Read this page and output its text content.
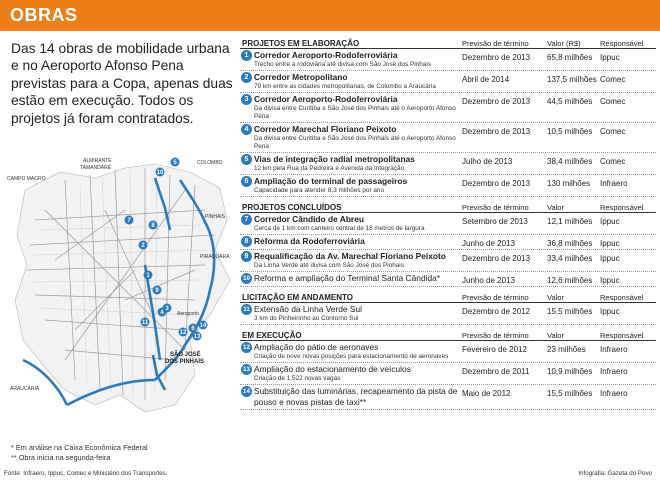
OBRAS

Das 14 obras de mobilidade urbana e no Aeroporto Afonso Pena previstas para a Copa, apenas duas estão em execução. Todos os projetos já foram contratados.

ALMIRANTE
TAMANDARÉ
COLOMBO
CAMPO MAGRO
PINHAIS
PIRAQUARA
ARAUCÁRIA
SÃO JOSÉ
DOS PINHAIS
Aeroporto
5
10
7
2
8
1
9
4
3
11
6
12
13
14
* Em análise na Caixa Econômica Federal
** Obra inicia na segunda-feira
Fonte: Infraero, Ippuc, Comec e Ministério dos Transportes.	Infografia: Gazeta do Povo
PROJETOS EM ELABORAÇÃO	Previsão de término	Valor (R$)	Responsável
1 Corredor Aeroporto-Rodoferroviária
Trecho entre a rodoviária até divisa com São José dos Pinhais
Dezembro de 2013	65,8 milhões Ippuc
2 Corredor Metropolitano
79 km entre as cidades metropolitanas, de Colombo a Araucária
Abril de 2014	137,5 milhões Comec
3 Corredor Aeroporto-Rodoferroviária
Da divisa entre Curitiba e São José dos Pinhais até o Aeroporto Afonso Pena
Dezembro de 2013	44,5 milhões Comec
4 Corredor Marechal Floriano Peixoto
Da divisa entre Curitiba e São José dos Pinhais até o Aeroporto Afonso Pena
Dezembro de 2013	10,5 milhões Comec
5 Vias de integração radial metropolitanas
12 km pela Rua da Pedreira e Avenida da Integração
Julho de 2013	38,4 milhões Comec
6 Ampliação do terminal de passageiros
Capacidade para atender 8,3 milhões por ano
Dezembro de 2013	130 milhões	Infraero
PROJETOS CONCLUÍDOS	Previsão de término	Valor	Responsável
7 Corredor Cândido de Abreu
Cerca de 1 km com canteiro central de 18 metros de largura
Setembro de 2013	12,1 milhões Ippuc
8 Reforma da Rodoferroviária	Junho de 2013	36,8 milhões Ippuc
9 Requalificação da Av. Marechal Floriano Peixoto
Da Linha Verde até divisa com São José dos Pinhais
Dezembro de 2013	33,4 milhões Ippuc
10 Reforma e ampliação do Terminal Santa Cândida*	Junho de 2013	12,6 milhões Ippuc
LICITAÇÃO EM ANDAMENTO	Previsão de término	Valor	Responsável
11 Extensão da Linha Verde Sul
3 km do Pinheirinho ao Contorno Sul
Dezembro de 2012	15,5 milhões Ippuc
EM EXECUÇÃO	Previsão de término	Valor	Responsável
12 Ampliação do pátio de aeronaves
Criação de nove novas posições para estacionamento de aeronaves
Fevereiro de 2012	23 milhões	Infraero
13 Ampliação do estacionamento de veículos
Criação de 1.522 novas vagas
Dezembro de 2011	10,9 milhões Infraero
14 Substituição das luminárias, recapeamento da pista de pouso e novas pistas de taxi**
Maio de 2012	15,5 milhões Infraero
